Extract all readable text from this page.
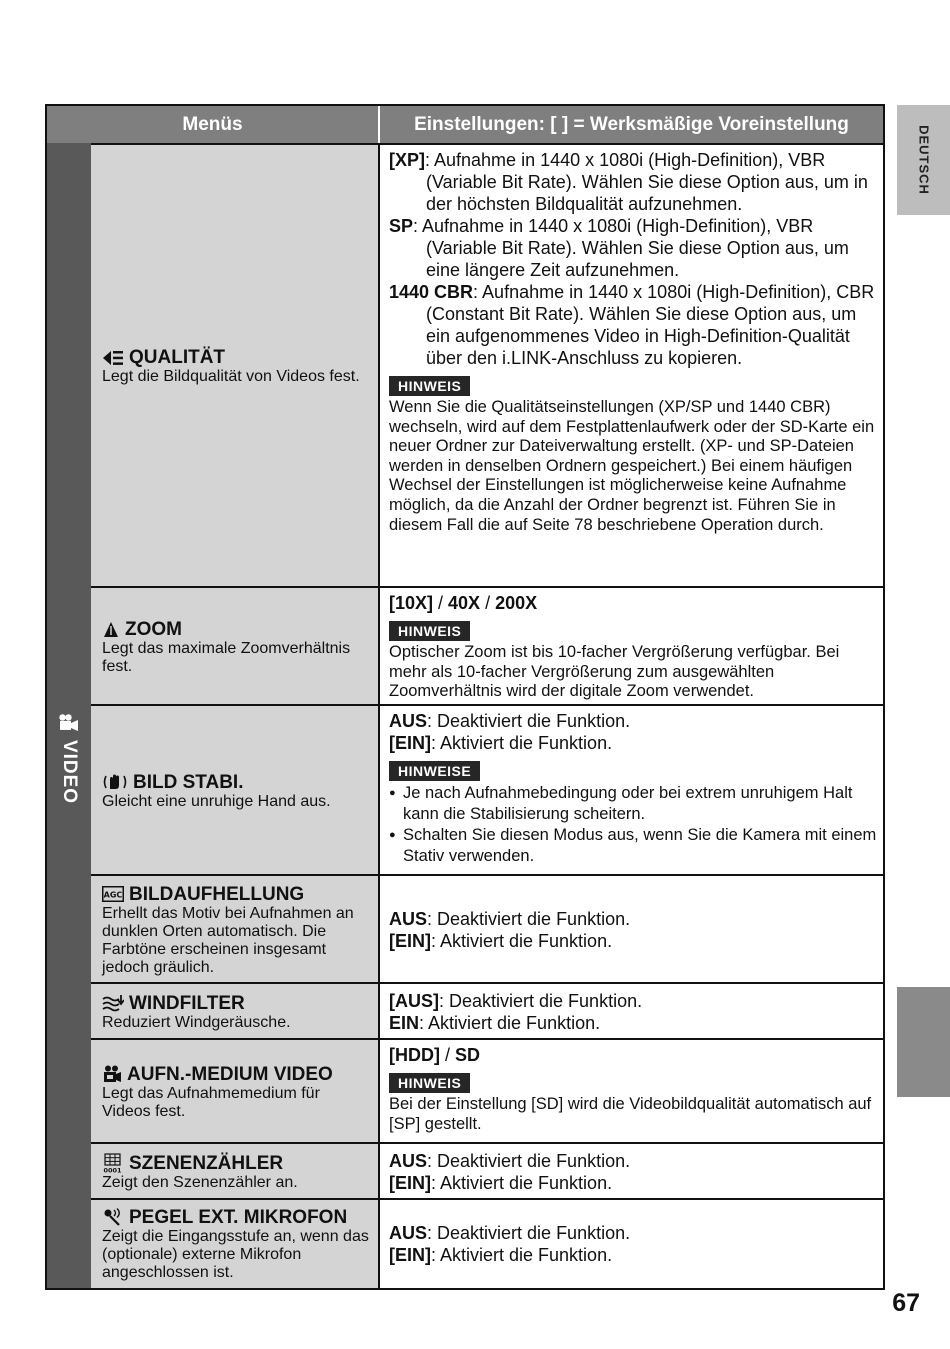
DEUTSCH
67
Menüs	Einstellungen: [ ] = Werksmäßige Voreinstellung
VIDEO
QUALITÄT
Legt die Bildqualität von Videos fest.
[XP]: Aufnahme in 1440 x 1080i (High-Definition), VBR (Variable Bit Rate). Wählen Sie diese Option aus, um in der höchsten Bildqualität aufzunehmen.
SP: Aufnahme in 1440 x 1080i (High-Definition), VBR (Variable Bit Rate). Wählen Sie diese Option aus, um eine längere Zeit aufzunehmen.
1440 CBR: Aufnahme in 1440 x 1080i (High-Definition), CBR (Constant Bit Rate). Wählen Sie diese Option aus, um ein aufgenommenes Video in High-Definition-Qualität über den i.LINK-Anschluss zu kopieren.
HINWEIS
Wenn Sie die Qualitätseinstellungen (XP/SP und 1440 CBR) wechseln, wird auf dem Festplattenlaufwerk oder der SD-Karte ein neuer Ordner zur Dateiverwaltung erstellt. (XP- und SP-Dateien werden in denselben Ordnern gespeichert.) Bei einem häufigen Wechsel der Einstellungen ist möglicherweise keine Aufnahme möglich, da die Anzahl der Ordner begrenzt ist. Führen Sie in diesem Fall die auf Seite 78 beschriebene Operation durch.
ZOOM
Legt das maximale Zoomverhältnis fest.
[10X] / 40X / 200X
HINWEIS
Optischer Zoom ist bis 10-facher Vergrößerung verfügbar. Bei mehr als 10-facher Vergrößerung zum ausgewählten Zoomverhältnis wird der digitale Zoom verwendet.
BILD STABI.
Gleicht eine unruhige Hand aus.
AUS: Deaktiviert die Funktion.
[EIN]: Aktiviert die Funktion.
HINWEISE
● Je nach Aufnahmebedingung oder bei extrem unruhigem Halt kann die Stabilisierung scheitern.
● Schalten Sie diesen Modus aus, wenn Sie die Kamera mit einem Stativ verwenden.
AGC BILDAUFHELLUNG
Erhellt das Motiv bei Aufnahmen an dunklen Orten automatisch. Die Farbtöne erscheinen insgesamt jedoch gräulich.
AUS: Deaktiviert die Funktion.
[EIN]: Aktiviert die Funktion.
WINDFILTER
Reduziert Windgeräusche.
[AUS]: Deaktiviert die Funktion.
EIN: Aktiviert die Funktion.
AUFN.-MEDIUM VIDEO
Legt das Aufnahmemedium für Videos fest.
[HDD] / SD
HINWEIS
Bei der Einstellung [SD] wird die Videobildqualität automatisch auf [SP] gestellt.
0001 SZENENZÄHLER
Zeigt den Szenenzähler an.
AUS: Deaktiviert die Funktion.
[EIN]: Aktiviert die Funktion.
PEGEL EXT. MIKROFON
Zeigt die Eingangsstufe an, wenn das (optionale) externe Mikrofon angeschlossen ist.
AUS: Deaktiviert die Funktion.
[EIN]: Aktiviert die Funktion.
